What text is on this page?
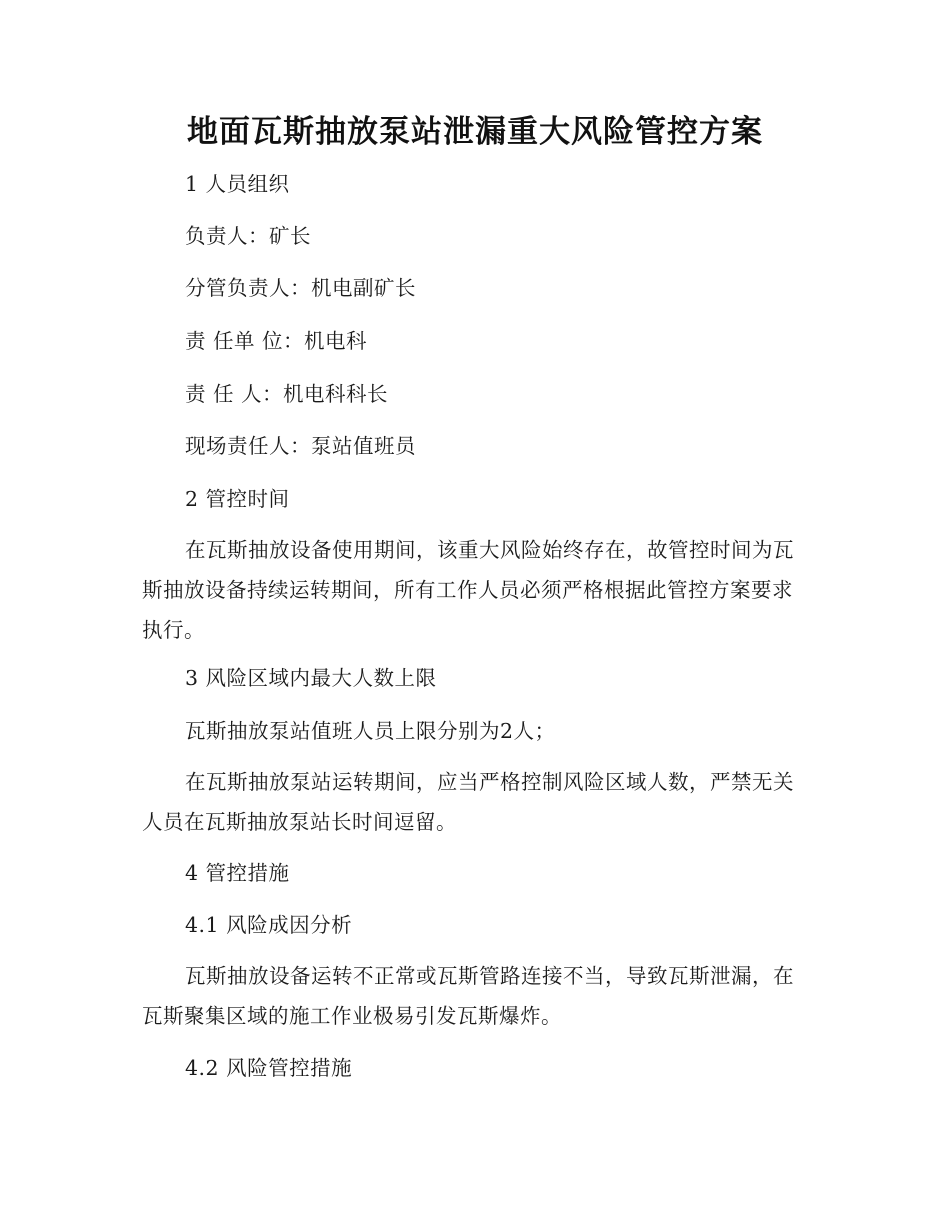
地面瓦斯抽放泵站泄漏重大风险管控方案
1 人员组织
负责人：矿长
分管负责人：机电副矿长
责 任单 位：机电科
责 任 人：机电科科长
现场责任人：泵站值班员
2 管控时间
在瓦斯抽放设备使用期间，该重大风险始终存在，故管控时间为瓦斯抽放设备持续运转期间，所有工作人员必须严格根据此管控方案要求执行。
3 风险区域内最大人数上限
瓦斯抽放泵站值班人员上限分别为2人；
在瓦斯抽放泵站运转期间，应当严格控制风险区域人数，严禁无关人员在瓦斯抽放泵站长时间逗留。
4 管控措施
4.1 风险成因分析
瓦斯抽放设备运转不正常或瓦斯管路连接不当，导致瓦斯泄漏，在瓦斯聚集区域的施工作业极易引发瓦斯爆炸。
4.2 风险管控措施
